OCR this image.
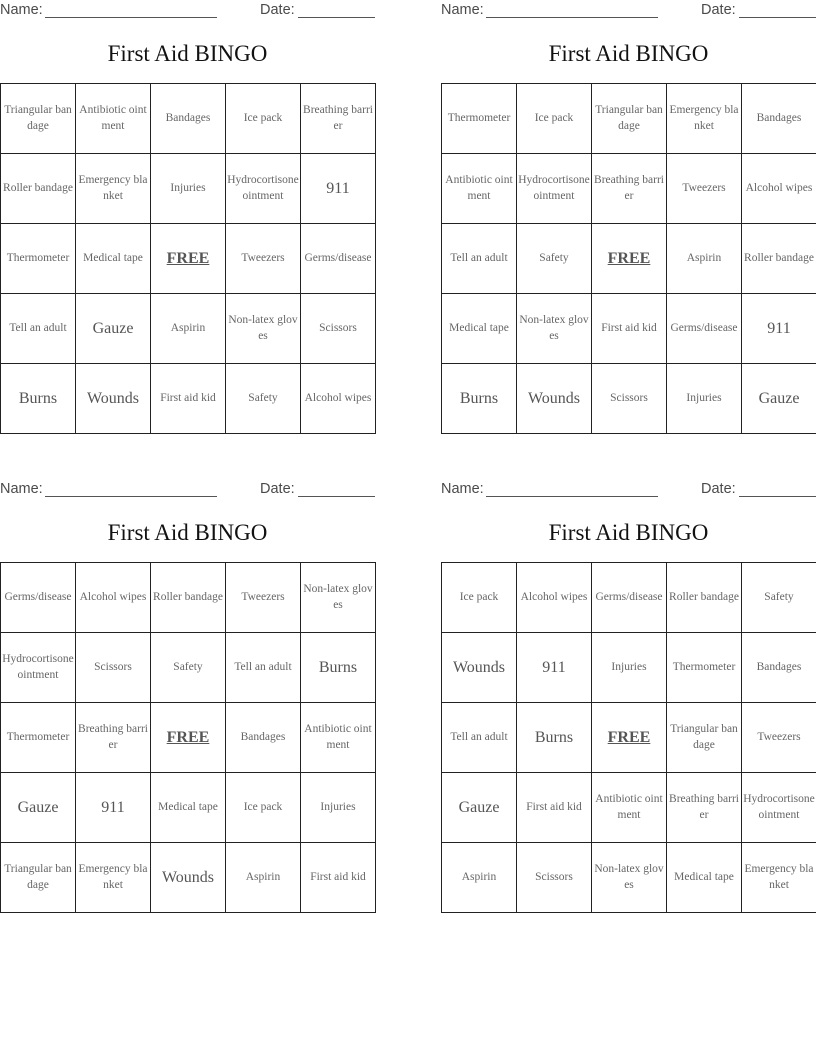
Name:	Date:
First Aid BINGO
Triangular bandage	Antibiotic ointment	Bandages	Ice pack	Breathing barrier
Roller bandage	Emergency blanket	Injuries	Hydrocortisone ointment	911
Thermometer	Medical tape	FREE	Tweezers	Germs/disease
Tell an adult	Gauze	Aspirin	Non-latex gloves	Scissors
Burns	Wounds	First aid kid	Safety	Alcohol wipes
Name:	Date:
First Aid BINGO
Thermometer	Ice pack	Triangular bandage	Emergency blanket	Bandages
Antibiotic ointment	Hydrocortisone ointment	Breathing barrier	Tweezers	Alcohol wipes
Tell an adult	Safety	FREE	Aspirin	Roller bandage
Medical tape	Non-latex gloves	First aid kid	Germs/disease	911
Burns	Wounds	Scissors	Injuries	Gauze
Name:	Date:
First Aid BINGO
Germs/disease	Alcohol wipes	Roller bandage	Tweezers	Non-latex gloves
Hydrocortisone ointment	Scissors	Safety	Tell an adult	Burns
Thermometer	Breathing barrier	FREE	Bandages	Antibiotic ointment
Gauze	911	Medical tape	Ice pack	Injuries
Triangular bandage	Emergency blanket	Wounds	Aspirin	First aid kid
Name:	Date:
First Aid BINGO
Ice pack	Alcohol wipes	Germs/disease	Roller bandage	Safety
Wounds	911	Injuries	Thermometer	Bandages
Tell an adult	Burns	FREE	Triangular bandage	Tweezers
Gauze	First aid kid	Antibiotic ointment	Breathing barrier	Hydrocortisone ointment
Aspirin	Scissors	Non-latex gloves	Medical tape	Emergency blanket
